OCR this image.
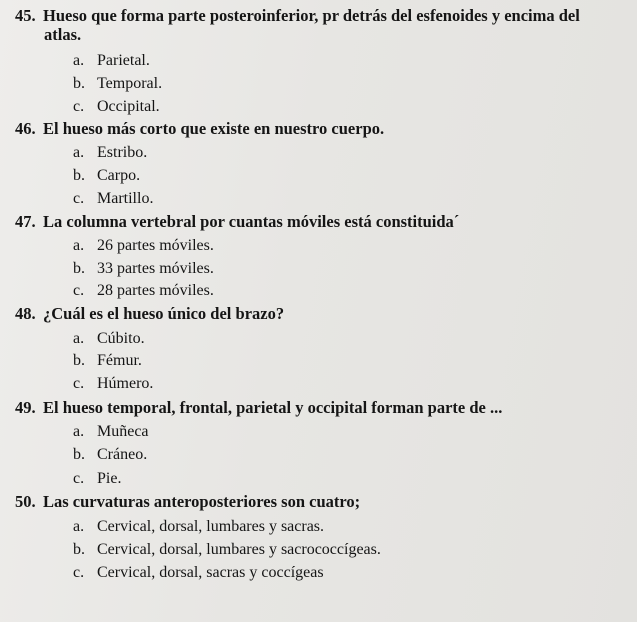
45. Hueso que forma parte posteroinferior, pr detrás del esfenoides y encima del
atlas.
a. Parietal.
b. Temporal.
c. Occipital.
46. El hueso más corto que existe en nuestro cuerpo.
a. Estribo.
b. Carpo.
c. Martillo.
47. La columna vertebral por cuantas móviles está constituida´
a. 26 partes móviles.
b. 33 partes móviles.
c. 28 partes móviles.
48. ¿Cuál es el hueso único del brazo?
a. Cúbito.
b. Fémur.
c. Húmero.
49. El hueso temporal, frontal, parietal y occipital forman parte de ...
a. Muñeca
b. Cráneo.
c. Pie.
50. Las curvaturas anteroposteriores son cuatro;
a. Cervical, dorsal, lumbares y sacras.
b. Cervical, dorsal, lumbares y sacrococcígeas.
c. Cervical, dorsal, sacras y coccígeas
